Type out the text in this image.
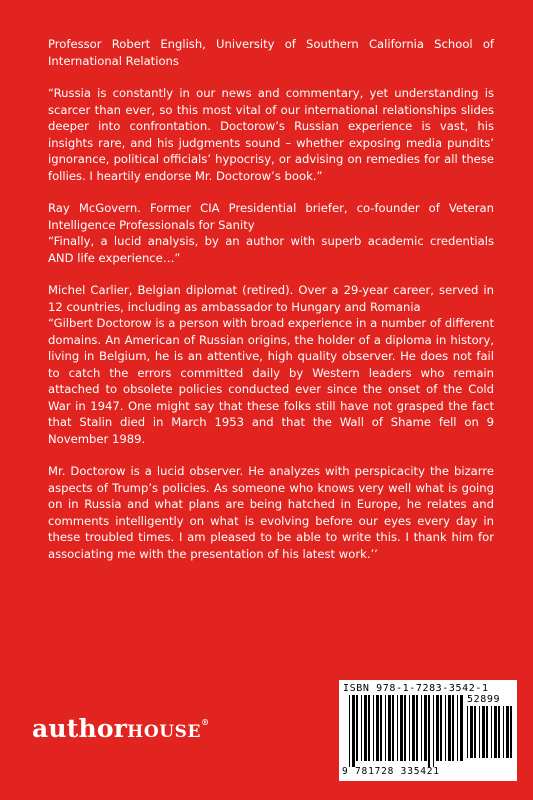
Professor Robert English, University of Southern California School of International Relations

“Russia is constantly in our news and commentary, yet understanding is scarcer than ever, so this most vital of our international relationships slides deeper into confrontation. Doctorow’s Russian experience is vast, his insights rare, and his judgments sound – whether exposing media pundits’ ignorance, political officials’ hypocrisy, or advising on remedies for all these follies. I heartily endorse Mr. Doctorow’s book.”

Ray McGovern. Former CIA Presidential briefer, co-founder of Veteran Intelligence Professionals for Sanity

“Finally, a lucid analysis, by an author with superb academic credentials AND life experience…”

Michel Carlier, Belgian diplomat (retired). Over a 29-year career, served in 12 countries, including as ambassador to Hungary and Romania

“Gilbert Doctorow is a person with broad experience in a number of different domains. An American of Russian origins, the holder of a diploma in history, living in Belgium, he is an attentive, high quality observer. He does not fail to catch the errors committed daily by Western leaders who remain attached to obsolete policies conducted ever since the onset of the Cold War in 1947. One might say that these folks still have not grasped the fact that Stalin died in March 1953 and that the Wall of Shame fell on 9 November 1989.

Mr. Doctorow is a lucid observer. He analyzes with perspicacity the bizarre aspects of Trump’s policies. As someone who knows very well what is going on in Russia and what plans are being hatched in Europe, he relates and comments intelligently on what is evolving before our eyes every day in these troubled times. I am pleased to be able to write this. I thank him for associating me with the presentation of his latest work.’’

authorHOUSE®
ISBN 978-1-7283-3542-1
52899
9 781728 335421
